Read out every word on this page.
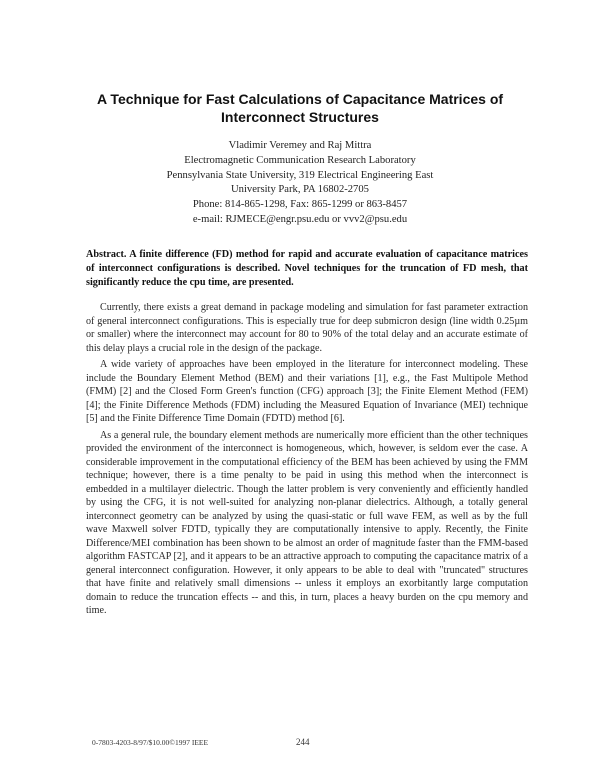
A Technique for Fast Calculations of Capacitance Matrices of
Interconnect Structures
Vladimir Veremey and Raj Mittra
Electromagnetic Communication Research Laboratory
Pennsylvania State University, 319 Electrical Engineering East
University Park, PA 16802-2705
Phone: 814-865-1298, Fax: 865-1299 or 863-8457
e-mail: RJMECE@engr.psu.edu or vvv2@psu.edu
Abstract. A finite difference (FD) method for rapid and accurate evaluation of capacitance matrices of interconnect configurations is described. Novel techniques for the truncation of FD mesh, that significantly reduce the cpu time, are presented.

Currently, there exists a great demand in package modeling and simulation for fast parameter extraction of general interconnect configurations. This is especially true for deep submicron design (line width 0.25µm or smaller) where the interconnect may account for 80 to 90% of the total delay and an accurate estimate of this delay plays a crucial role in the design of the package.

A wide variety of approaches have been employed in the literature for interconnect modeling. These include the Boundary Element Method (BEM) and their variations [1], e.g., the Fast Multipole Method (FMM) [2] and the Closed Form Green's function (CFG) approach [3]; the Finite Element Method (FEM) [4]; the Finite Difference Methods (FDM) including the Measured Equation of Invariance (MEI) technique [5] and the Finite Difference Time Domain (FDTD) method [6].

As a general rule, the boundary element methods are numerically more efficient than the other techniques provided the environment of the interconnect is homogeneous, which, however, is seldom ever the case. A considerable improvement in the computational efficiency of the BEM has been achieved by using the FMM technique; however, there is a time penalty to be paid in using this method when the interconnect is embedded in a multilayer dielectric. Though the latter problem is very conveniently and efficiently handled by using the CFG, it is not well-suited for analyzing non-planar dielectrics. Although, a totally general interconnect geometry can be analyzed by using the quasi-static or full wave FEM, as well as by the full wave Maxwell solver FDTD, typically they are computationally intensive to apply. Recently, the Finite Difference/MEI combination has been shown to be almost an order of magnitude faster than the FMM-based algorithm FASTCAP [2], and it appears to be an attractive approach to computing the capacitance matrix of a general interconnect configuration. However, it only appears to be able to deal with "truncated" structures that have finite and relatively small dimensions -- unless it employs an exorbitantly large computation domain to reduce the truncation effects -- and this, in turn, places a heavy burden on the cpu memory and time.

0-7803-4203-8/97/$10.00©1997 IEEE	244
